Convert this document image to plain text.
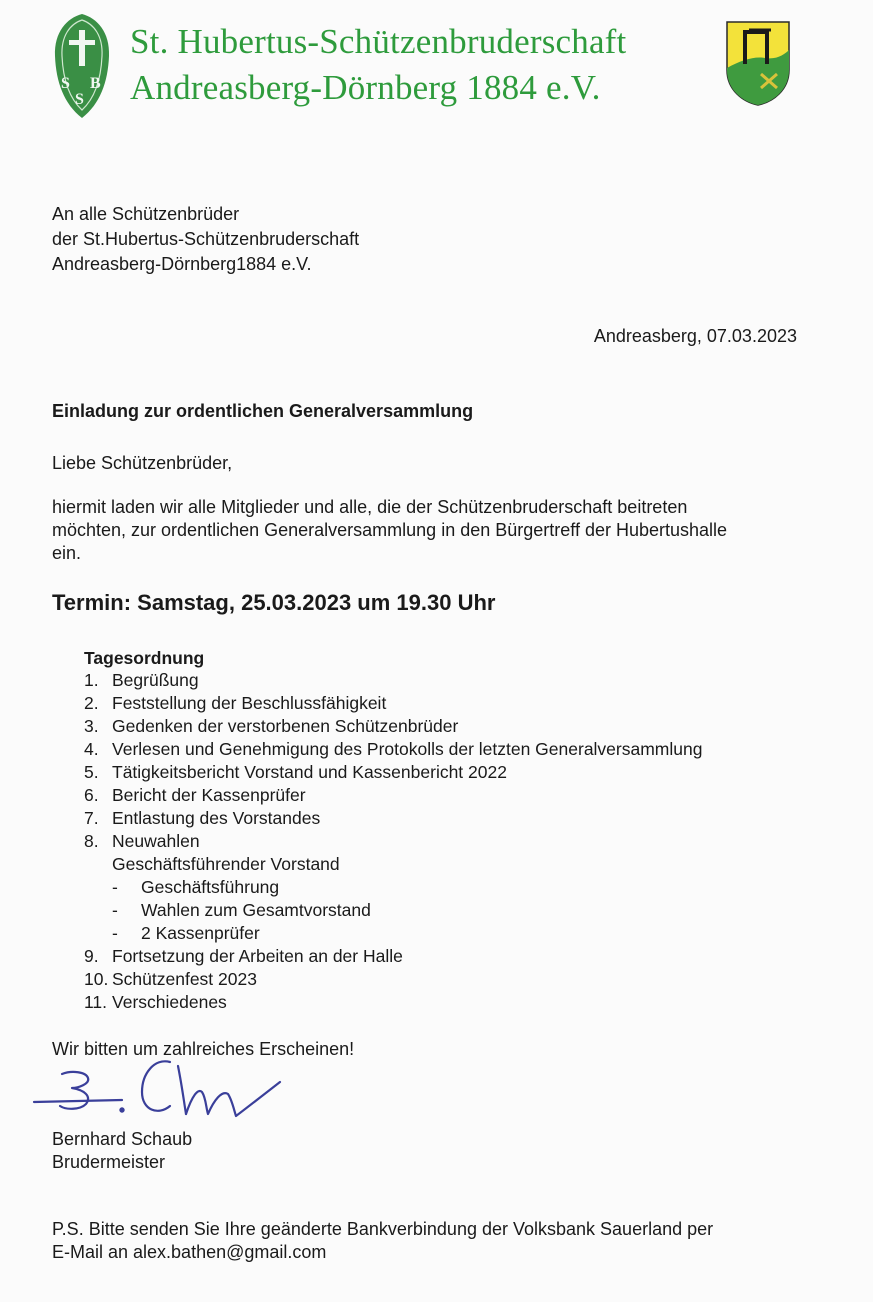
S B
S
St. Hubertus-Schützenbruderschaft
Andreasberg-Dörnberg 1884 e.V.
An alle Schützenbrüder
der St.Hubertus-Schützenbruderschaft
Andreasberg-Dörnberg1884 e.V.
Andreasberg, 07.03.2023
Einladung zur ordentlichen Generalversammlung
Liebe Schützenbrüder,
hiermit laden wir alle Mitglieder und alle, die der Schützenbruderschaft beitreten
möchten, zur ordentlichen Generalversammlung in den Bürgertreff der Hubertushalle
ein.
Termin: Samstag, 25.03.2023 um 19.30 Uhr
Tagesordnung
1. Begrüßung
2. Feststellung der Beschlussfähigkeit
3. Gedenken der verstorbenen Schützenbrüder
4. Verlesen und Genehmigung des Protokolls der letzten Generalversammlung
5. Tätigkeitsbericht Vorstand und Kassenbericht 2022
6. Bericht der Kassenprüfer
7. Entlastung des Vorstandes
8. Neuwahlen
Geschäftsführender Vorstand
- Geschäftsführung
- Wahlen zum Gesamtvorstand
- 2 Kassenprüfer
9. Fortsetzung der Arbeiten an der Halle
10. Schützenfest 2023
11. Verschiedenes
Wir bitten um zahlreiches Erscheinen!
Bernhard Schaub
Brudermeister
P.S. Bitte senden Sie Ihre geänderte Bankverbindung der Volksbank Sauerland per
E-Mail an alex.bathen@gmail.com
